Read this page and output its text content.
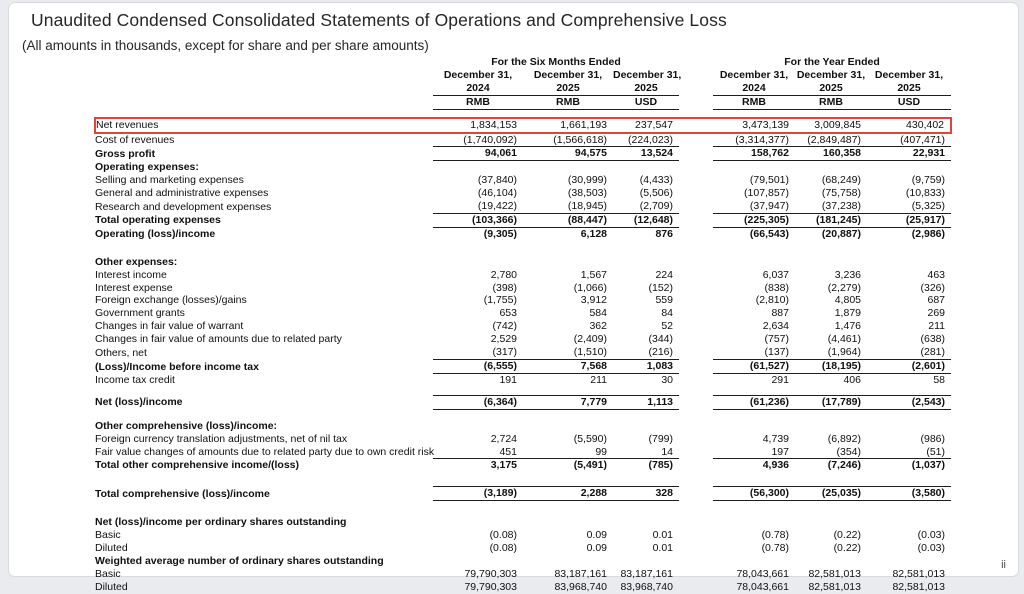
Unaudited Condensed Consolidated Statements of Operations and Comprehensive Loss
(All amounts in thousands, except for share and per share amounts)
	For the Six Months Ended				For the Year Ended		
	December 31,	December 31,	December 31,		December 31,	December 31,	December 31,
	2024	2025	2025		2024	2025	2025
	RMB	RMB	USD		RMB	RMB	USD

Net revenues	1,834,153	1,661,193	237,547		3,473,139	3,009,845	430,402
Cost of revenues	(1,740,092)	(1,566,618)	(224,023)		(3,314,377)	(2,849,487)	(407,471)
Gross profit	94,061	94,575	13,524		158,762	160,358	22,931
Operating expenses:							
Selling and marketing expenses	(37,840)	(30,999)	(4,433)		(79,501)	(68,249)	(9,759)
General and administrative expenses	(46,104)	(38,503)	(5,506)		(107,857)	(75,758)	(10,833)
Research and development expenses	(19,422)	(18,945)	(2,709)		(37,947)	(37,238)	(5,325)
Total operating expenses	(103,366)	(88,447)	(12,648)		(225,305)	(181,245)	(25,917)
Operating (loss)/income	(9,305)	6,128	876		(66,543)	(20,887)	(2,986)

Other expenses:							
Interest income	2,780	1,567	224		6,037	3,236	463
Interest expense	(398)	(1,066)	(152)		(838)	(2,279)	(326)
Foreign exchange (losses)/gains	(1,755)	3,912	559		(2,810)	4,805	687
Government grants	653	584	84		887	1,879	269
Changes in fair value of warrant	(742)	362	52		2,634	1,476	211
Changes in fair value of amounts due to related party	2,529	(2,409)	(344)		(757)	(4,461)	(638)
Others, net	(317)	(1,510)	(216)		(137)	(1,964)	(281)
(Loss)/Income before income tax	(6,555)	7,568	1,083		(61,527)	(18,195)	(2,601)
Income tax credit	191	211	30		291	406	58

Net (loss)/income	(6,364)	7,779	1,113		(61,236)	(17,789)	(2,543)

Other comprehensive (loss)/income:							
Foreign currency translation adjustments, net of nil tax	2,724	(5,590)	(799)		4,739	(6,892)	(986)
Fair value changes of amounts due to related party due to own credit risk	451	99	14		197	(354)	(51)
Total other comprehensive income/(loss)	3,175	(5,491)	(785)		4,936	(7,246)	(1,037)

Total comprehensive (loss)/income	(3,189)	2,288	328		(56,300)	(25,035)	(3,580)

Net (loss)/income per ordinary shares outstanding							
Basic	(0.08)	0.09	0.01		(0.78)	(0.22)	(0.03)
Diluted	(0.08)	0.09	0.01		(0.78)	(0.22)	(0.03)
Weighted average number of ordinary shares outstanding							
Basic	79,790,303	83,187,161	83,187,161		78,043,661	82,581,013	82,581,013
Diluted	79,790,303	83,968,740	83,968,740		78,043,661	82,581,013	82,581,013
ii
